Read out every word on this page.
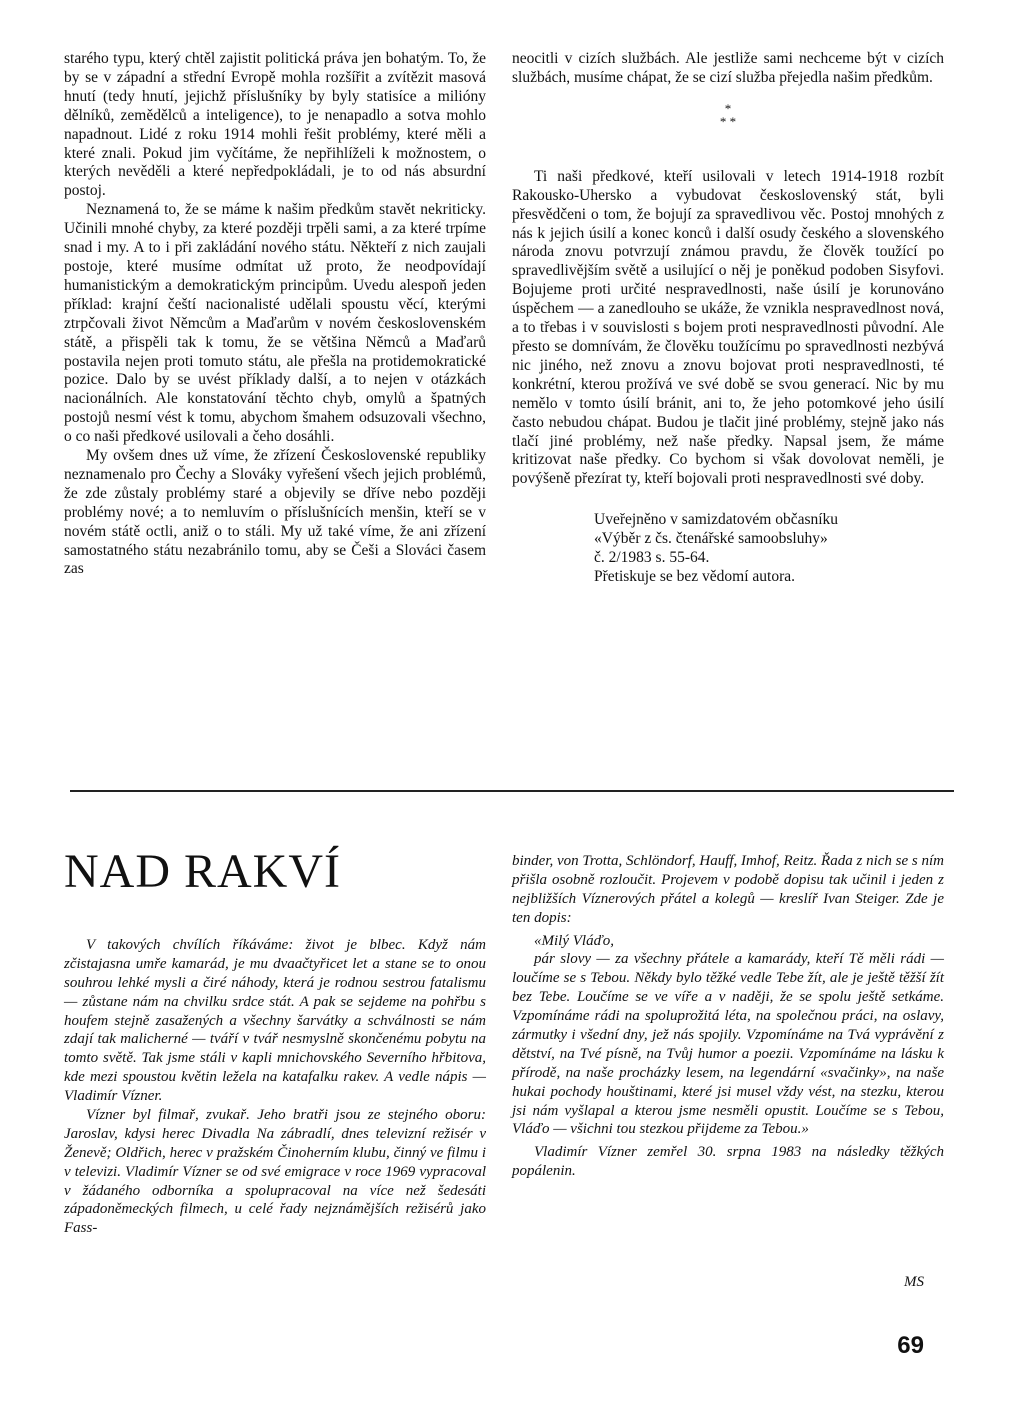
starého typu, který chtěl zajistit politická práva jen bohatým. To, že by se v západní a střední Evropě mohla rozšířit a zvítězit masová hnutí (tedy hnutí, jejichž příslušníky by byly statisíce a milióny dělníků, zemědělců a inteligence), to je nenapadlo a sotva mohlo napadnout. Lidé z roku 1914 mohli řešit problémy, které měli a které znali. Pokud jim vyčítáme, že nepřihlíželi k možnostem, o kterých nevěděli a které nepředpokládali, je to od nás absurdní postoj.

Neznamená to, že se máme k našim předkům stavět nekriticky. Učinili mnohé chyby, za které později trpěli sami, a za které trpíme snad i my. A to i při zakládání nového státu. Někteří z nich zaujali postoje, které musíme odmítat už proto, že neodpovídají humanistickým a demokratickým principům. Uvedu alespoň jeden příklad: krajní čeští nacionalisté udělali spoustu věcí, kterými ztrpčovali život Němcům a Maďarům v novém československém státě, a přispěli tak k tomu, že se většina Němců a Maďarů postavila nejen proti tomuto státu, ale přešla na protidemokratické pozice. Dalo by se uvést příklady další, a to nejen v otázkách nacionálních. Ale konstatování těchto chyb, omylů a špatných postojů nesmí vést k tomu, abychom šmahem odsuzovali všechno, o co naši předkové usilovali a čeho dosáhli.

My ovšem dnes už víme, že zřízení Československé republiky neznamenalo pro Čechy a Slováky vyřešení všech jejich problémů, že zde zůstaly problémy staré a objevily se dříve nebo později problémy nové; a to nemluvím o příslušnících menšin, kteří se v novém státě octli, aniž o to stáli. My už také víme, že ani zřízení samostatného státu nezabránilo tomu, aby se Češi a Slováci časem zas

neocitli v cizích službách. Ale jestliže sami nechceme být v cizích službách, musíme chápat, že se cizí služba přejedla našim předkům.

*
* *

Ti naši předkové, kteří usilovali v letech 1914-1918 rozbít Rakousko-Uhersko a vybudovat československý stát, byli přesvědčeni o tom, že bojují za spravedlivou věc. Postoj mnohých z nás k jejich úsilí a konec konců i další osudy českého a slovenského národa znovu potvrzují známou pravdu, že člověk toužící po spravedlivějším světě a usilující o něj je poněkud podoben Sisyfovi. Bojujeme proti určité nespravedlnosti, naše úsilí je korunováno úspěchem — a zanedlouho se ukáže, že vznikla nespravedlnost nová, a to třebas i v souvislosti s bojem proti nespravedlnosti původní. Ale přesto se domnívám, že člověku toužícímu po spravedlnosti nezbývá nic jiného, než znovu a znovu bojovat proti nespravedlnosti, té konkrétní, kterou prožívá ve své době se svou generací. Nic by mu nemělo v tomto úsilí bránit, ani to, že jeho potomkové jeho úsilí často nebudou chápat. Budou je tlačit jiné problémy, stejně jako nás tlačí jiné problémy, než naše předky. Napsal jsem, že máme kritizovat naše předky. Co bychom si však dovolovat neměli, je povýšeně přezírat ty, kteří bojovali proti nespravedlnosti své doby.

Uveřejněno v samizdatovém občasníku

«Výběr z čs. čtenářské samoobsluhy»

č. 2/1983 s. 55-64.

Přetiskuje se bez vědomí autora.

NAD RAKVÍ

V takových chvílích říkáváme: život je blbec. Když nám zčistajasna umře kamarád, je mu dvaačtyřicet let a stane se to onou souhrou lehké mysli a čiré náhody, která je rodnou sestrou fatalismu — zůstane nám na chvilku srdce stát. A pak se sejdeme na pohřbu s houfem stejně zasažených a všechny šarvátky a schválnosti se nám zdají tak malicherné — tváří v tvář nesmyslně skončenému pobytu na tomto světě. Tak jsme stáli v kapli mnichovského Severního hřbitova, kde mezi spoustou květin ležela na katafalku rakev. A vedle nápis — Vladimír Vízner.

Vízner byl filmař, zvukař. Jeho bratři jsou ze stejného oboru: Jaroslav, kdysi herec Divadla Na zábradlí, dnes televizní režisér v Ženevě; Oldřich, herec v pražském Činoherním klubu, činný ve filmu i v televizi. Vladimír Vízner se od své emigrace v roce 1969 vypracoval v žádaného odborníka a spolupracoval na více než šedesáti západoněmeckých filmech, u celé řady nejznámějších režisérů jako Fass-

binder, von Trotta, Schlöndorf, Hauff, Imhof, Reitz. Řada z nich se s ním přišla osobně rozloučit. Projevem v podobě dopisu tak učinil i jeden z nejbližších Víznerových přátel a kolegů — kreslíř Ivan Steiger. Zde je ten dopis:

«Milý Vláďo,

pár slovy — za všechny přátele a kamarády, kteří Tě měli rádi — loučíme se s Tebou. Někdy bylo těžké vedle Tebe žít, ale je ještě těžší žít bez Tebe. Loučíme se ve víře a v naději, že se spolu ještě setkáme. Vzpomínáme rádi na spoluprožitá léta, na společnou práci, na oslavy, zármutky i všední dny, jež nás spojily. Vzpomínáme na Tvá vyprávění z dětství, na Tvé písně, na Tvůj humor a poezii. Vzpomínáme na lásku k přírodě, na naše procházky lesem, na legendární «svačinky», na naše hukai pochody houštinami, které jsi musel vždy vést, na stezku, kterou jsi nám vyšlapal a kterou jsme nesměli opustit. Loučíme se s Tebou, Vláďo — všichni tou stezkou přijdeme za Tebou.»

Vladimír Vízner zemřel 30. srpna 1983 na následky těžkých popálenin.

MS
69
